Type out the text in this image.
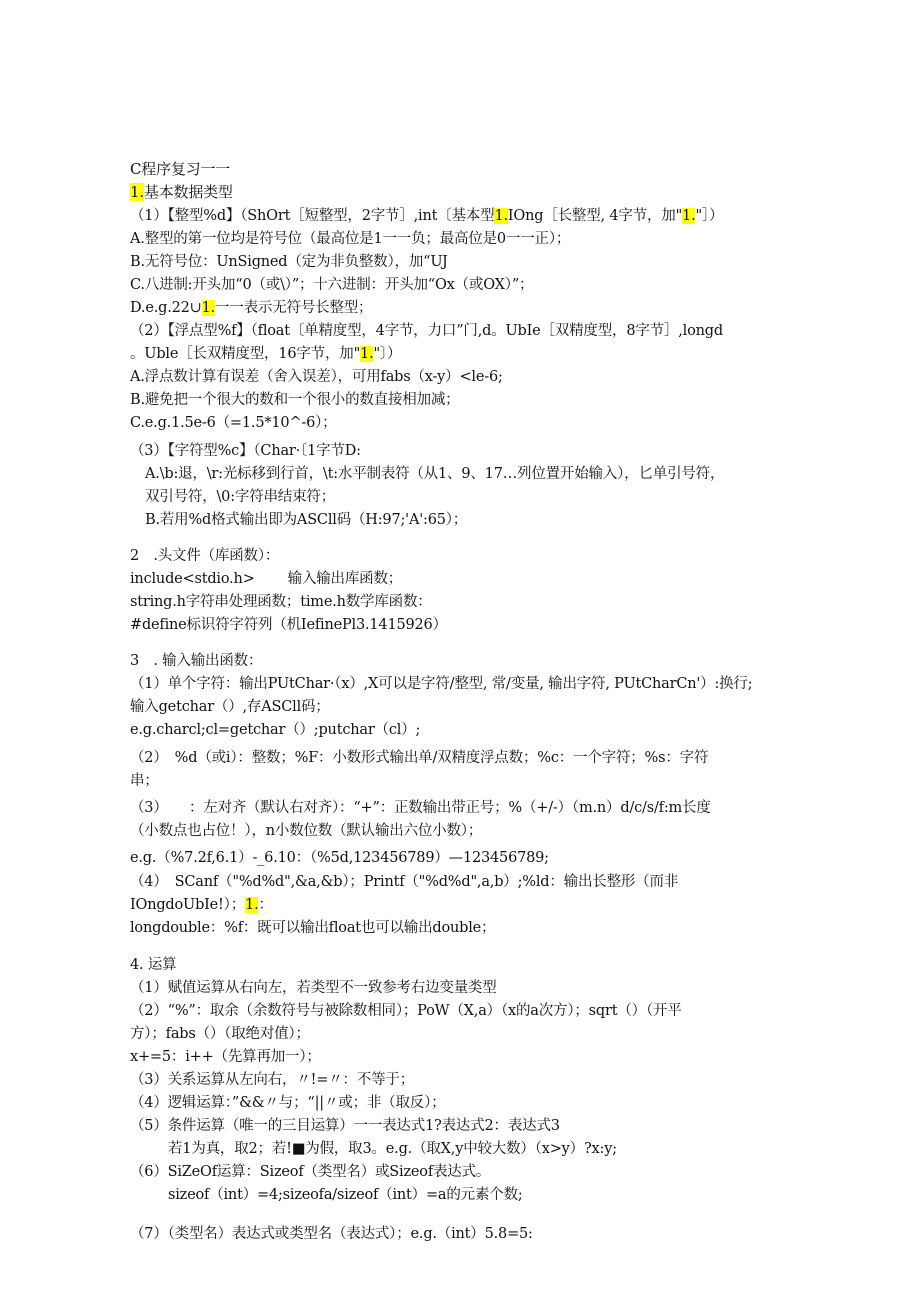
C程序复习一一
1.基本数据类型
（1）【整型%d】（ShOrt［短整型，2字节］,int〔基本型1.IOng［长整型, 4字节，加"1."］）
A.整型的第一位均是符号位（最高位是1一一负；最高位是0一一正）；
B.无符号位：UnSigned（定为非负整数），加“UJ
C.八进制:开头加“0（或\）”；十六进制：开头加“Ox（或OX）”；
D.e.g.22∪1.一一表示无符号长整型；
（2）【浮点型%f】（float〔单精度型，4字节，力口”门,d。UbIe［双精度型，8字节］,longd
。Uble［长双精度型，16字节，加"1."〕）
A.浮点数计算有误差（舍入误差），可用fabs（x-y）<le-6;
B.避免把一个很大的数和一个很小的数直接相加减；
C.e.g.1.5e-6（=1.5*10^-6）；
（3）【字符型%c】（Char·〔1字节D:
A.\b:退，\r:光标移到行首，\t:水平制表符（从1、9、17…列位置开始输入），匕单引号符，
双引号符，\0:字符串结束符；
B.若用%d格式输出即为ASCll码（H:97;'A':65）；
2　.头文件（库函数）：
include<stdio.h>　　 输入输出库函数；
string.h字符串处理函数；time.h数学库函数：
#define标识符字符列（机IefinePl3.1415926）
3　. 输入输出函数：
（1）单个字符：输出PUtChar·（x）,X可以是字符/整型, 常/变量, 输出字符, PUtCharCn'）:换行;
输入getchar（）,存ASCll码；
e.g.charcl;cl=getchar（）;putchar（cl）;
（2）　%d（或i）：整数；%F：小数形式输出单/双精度浮点数；%c：一个字符；%s：字符
串；
（3）　　：左对齐（默认右对齐）：“+”：正数输出带正号；%（+/-）（m.n）d/c/s/f:m长度
（小数点也占位！），n小数位数（默认输出六位小数）；
e.g.（%7.2f,6.1）-_6.10：（%5d,123456789）—123456789;
（4）　SCanf（"%d%d",&a,&b）；Printf（"%d%d",a,b）;%ld：输出长整形（而非
IOngdoUbIe!）；1.：
longdouble：%f：既可以输出float也可以输出double；
4. 运算
（1）赋值运算从右向左，若类型不一致参考右边变量类型
（2）“%”：取余（余数符号与被除数相同）；PoW（X,a）（x的a次方）；sqrt（）（开平
方）；fabs（）（取绝对值）；
x+=5：i++（先算再加一）；
（3）关系运算从左向右，〃!=〃：不等于；
（4）逻辑运算：”&&〃与；“||〃或；非（取反）；
（5）条件运算（唯一的三目运算）一一表达式1?表达式2：表达式3
若1为真，取2；若!■为假，取3。e.g.（取X,y中较大数）（x>y）?x:y;
（6）SiZeOf运算：Sizeof（类型名）或Sizeof表达式。
sizeof（int）=4;sizeofa/sizeof（int）=a的元素个数;
（7）（类型名）表达式或类型名（表达式）；e.g.（int）5.8=5:
